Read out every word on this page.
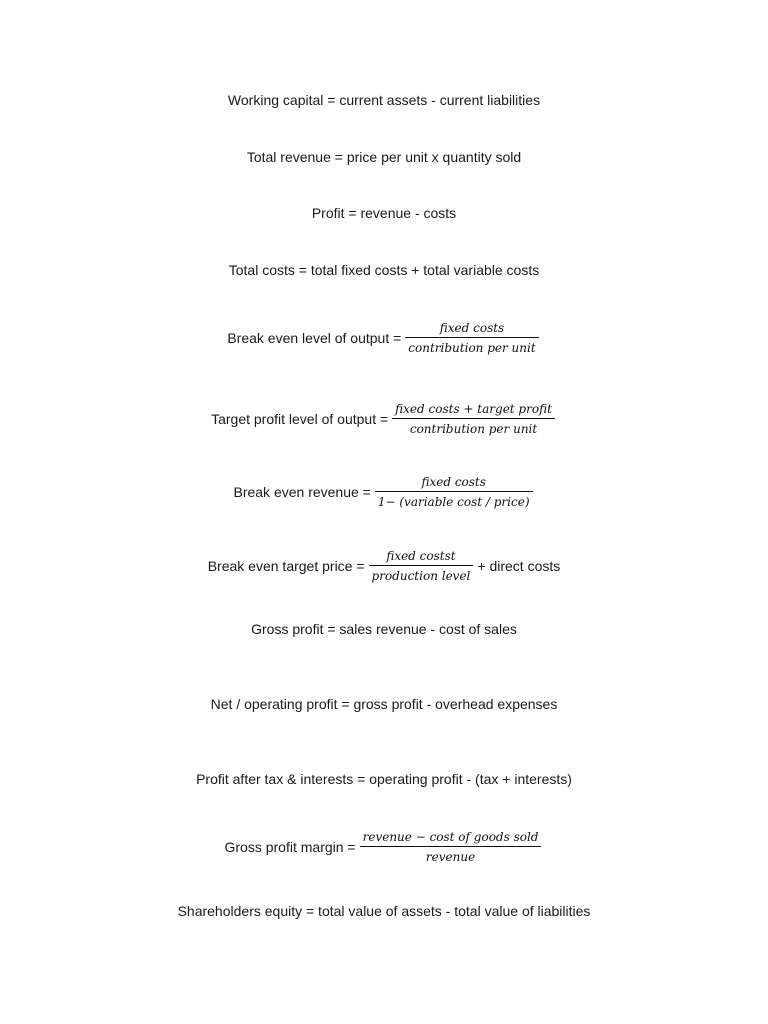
Working capital = current assets - current liabilities
Total revenue = price per unit x quantity sold
Profit = revenue - costs
Total costs = total fixed costs + total variable costs
Break even level of output = $\frac{\text{fixed costs}}{\text{contribution per unit}}$
Target profit level of output = $\frac{\text{fixed costs + target profit}}{\text{contribution per unit}}$
Break even revenue = $\frac{\text{fixed costs}}{\text{1− (variable cost / price)}}$
Break even target price = $\frac{\text{fixed costst}}{\text{production level}}$ + direct costs
Gross profit = sales revenue - cost of sales
Net / operating profit = gross profit - overhead expenses
Profit after tax & interests = operating profit - (tax + interests)
Gross profit margin = $\frac{\text{revenue − cost of goods sold}}{\text{revenue}}$
Shareholders equity = total value of assets - total value of liabilities
